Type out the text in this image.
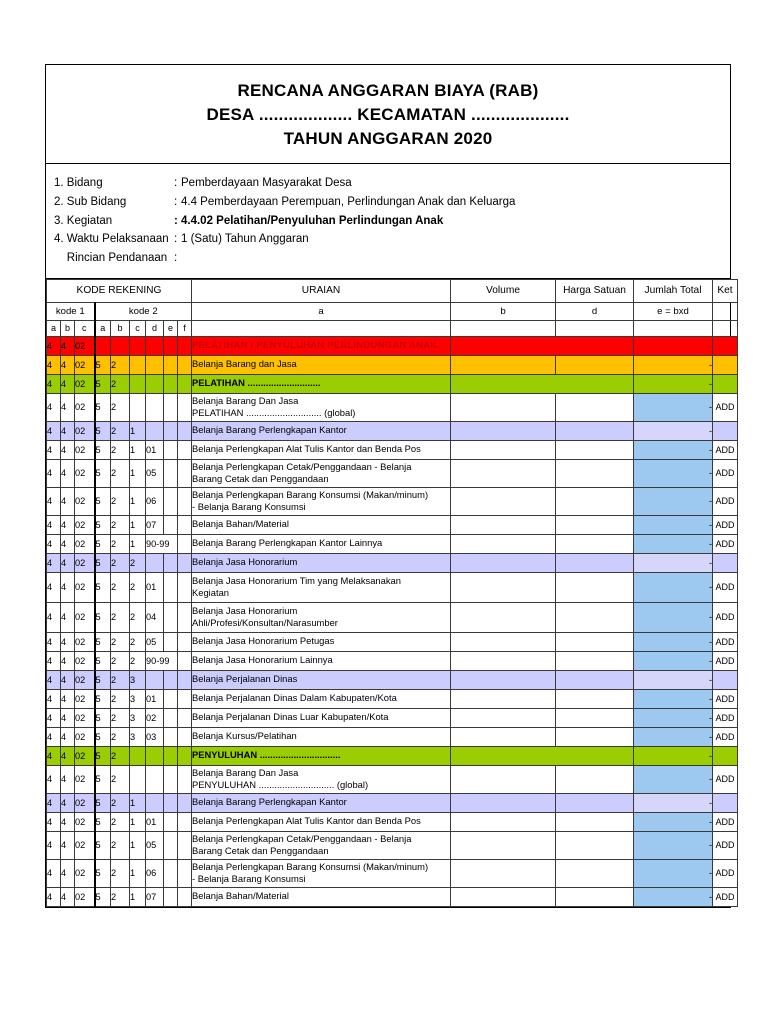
RENCANA ANGGARAN BIAYA (RAB)
DESA ................... KECAMATAN ....................
TAHUN ANGGARAN 2020
1. Bidang	: Pemberdayaan Masyarakat Desa
2. Sub Bidang	: 4.4 Pemberdayaan Perempuan, Perlindungan Anak dan Keluarga
3. Kegiatan	: 4.4.02 Pelatihan/Penyuluhan Perlindungan Anak
4. Waktu Pelaksanaan : 1 (Satu) Tahun Anggaran
Rincian Pendanaan :
KODE REKENING									URAIAN	Volume	Harga Satuan	Jumlah Total	Ket
kode 1			kode 2						a	b	d	e = bxd	
a	b	c	a	b	c	d	e	f					
4	4	02							PELATIHAN / PENYULUHAN PERLINDUNGAN ANAK			-	
4	4	02	5	2					Belanja Barang dan Jasa			-	
4	4	02	5	2					PELATIHAN ............................			-	
4	4	02	5	2					Belanja Barang Dan Jasa
PELATIHAN ............................. (global)			-	ADD
4	4	02	5	2	1				Belanja Barang Perlengkapan Kantor			-	
4	4	02	5	2	1	01			Belanja Perlengkapan Alat Tulis Kantor dan Benda Pos			-	ADD
4	4	02	5	2	1	05			Belanja Perlengkapan Cetak/Penggandaan - Belanja
Barang Cetak dan Penggandaan			-	ADD
4	4	02	5	2	1	06			Belanja Perlengkapan Barang Konsumsi (Makan/minum)
- Belanja Barang Konsumsi			-	ADD
4	4	02	5	2	1	07			Belanja Bahan/Material			-	ADD
4	4	02	5	2	1	90-99			Belanja Barang Perlengkapan Kantor Lainnya			-	ADD
4	4	02	5	2	2				Belanja Jasa Honorarium			-	
4	4	02	5	2	2	01			Belanja Jasa Honorarium Tim yang Melaksanakan
Kegiatan			-	ADD
4	4	02	5	2	2	04			Belanja Jasa Honorarium
Ahli/Profesi/Konsultan/Narasumber			-	ADD
4	4	02	5	2	2	05			Belanja Jasa Honorarium Petugas			-	ADD
4	4	02	5	2	2	90-99			Belanja Jasa Honorarium Lainnya			-	ADD
4	4	02	5	2	3				Belanja Perjalanan Dinas			-	
4	4	02	5	2	3	01			Belanja Perjalanan Dinas Dalam Kabupaten/Kota			-	ADD
4	4	02	5	2	3	02			Belanja Perjalanan Dinas Luar Kabupaten/Kota			-	ADD
4	4	02	5	2	3	03			Belanja Kursus/Pelatihan			-	ADD
4	4	02	5	2					PENYULUHAN ...............................			-	
4	4	02	5	2					Belanja Barang Dan Jasa
PENYULUHAN ............................. (global)			-	ADD
4	4	02	5	2	1				Belanja Barang Perlengkapan Kantor			-	
4	4	02	5	2	1	01			Belanja Perlengkapan Alat Tulis Kantor dan Benda Pos			-	ADD
4	4	02	5	2	1	05			Belanja Perlengkapan Cetak/Penggandaan - Belanja
Barang Cetak dan Penggandaan			-	ADD
4	4	02	5	2	1	06			Belanja Perlengkapan Barang Konsumsi (Makan/minum)
- Belanja Barang Konsumsi			-	ADD
4	4	02	5	2	1	07			Belanja Bahan/Material			-	ADD
